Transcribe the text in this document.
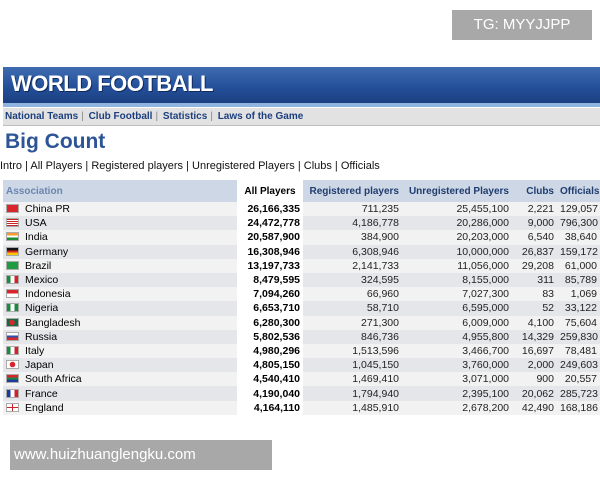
TG: MYYJJPP
WORLD FOOTBALL
National Teams | Club Football | Statistics | Laws of the Game
Big Count
Intro | All Players | Registered players | Unregistered Players | Clubs | Officials
Association	All Players	Registered players	Unregistered Players	Clubs	Officials
China PR	26,166,335	711,235	25,455,100	2,221	129,057
USA	24,472,778	4,186,778	20,286,000	9,000	796,300
India	20,587,900	384,900	20,203,000	6,540	38,640
Germany	16,308,946	6,308,946	10,000,000	26,837	159,172
Brazil	13,197,733	2,141,733	11,056,000	29,208	61,000
Mexico	8,479,595	324,595	8,155,000	311	85,789
Indonesia	7,094,260	66,960	7,027,300	83	1,069
Nigeria	6,653,710	58,710	6,595,000	52	33,122
Bangladesh	6,280,300	271,300	6,009,000	4,100	75,604
Russia	5,802,536	846,736	4,955,800	14,329	259,830
Italy	4,980,296	1,513,596	3,466,700	16,697	78,481
Japan	4,805,150	1,045,150	3,760,000	2,000	249,603
South Africa	4,540,410	1,469,410	3,071,000	900	20,557
France	4,190,040	1,794,940	2,395,100	20,062	285,723
England	4,164,110	1,485,910	2,678,200	42,490	168,186
www.huizhuanglengku.com
